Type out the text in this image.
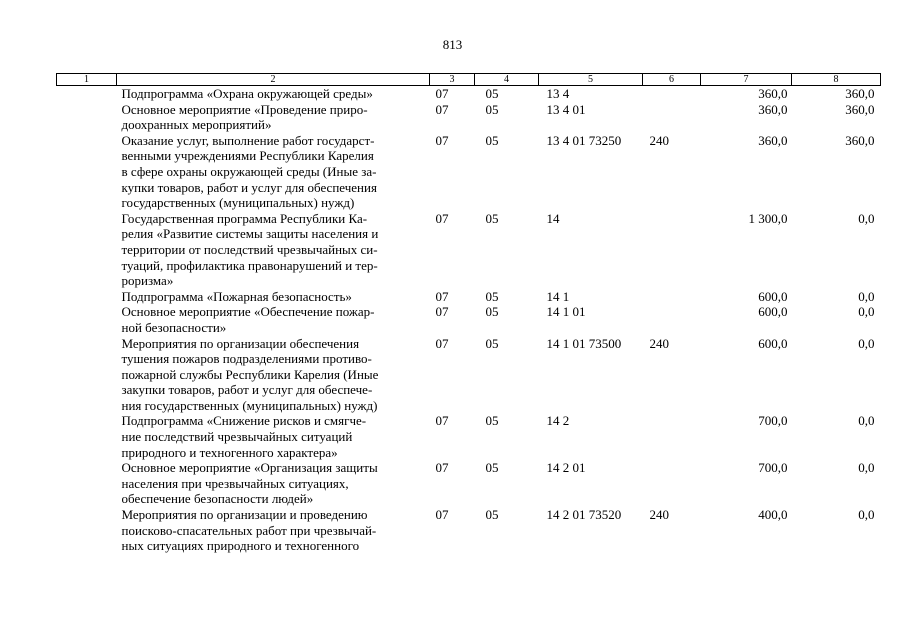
813
1	2	3	4	5	6	7	8

	Подпрограмма «Охрана окружающей среды»	07	05	13 4		360,0	360,0

	Основное мероприятие «Проведение приро-
доохранных мероприятий»	07	05	13 4 01		360,0	360,0

	Оказание услуг, выполнение работ государст-
венными учреждениями Республики Карелия
в сфере охраны окружающей среды (Иные за-
купки товаров, работ и услуг для обеспечения
государственных (муниципальных) нужд)	07	05	13 4 01 73250	240	360,0	360,0

	Государственная программа Республики Ка-
релия «Развитие системы защиты населения и
территории от последствий чрезвычайных си-
туаций, профилактика правонарушений и тер-
роризма»	07	05	14		1 300,0	0,0

	Подпрограмма «Пожарная безопасность»	07	05	14 1		600,0	0,0

	Основное мероприятие «Обеспечение пожар-
ной безопасности»	07	05	14 1 01		600,0	0,0

	Мероприятия по организации обеспечения
тушения пожаров подразделениями противо-
пожарной службы Республики Карелия (Иные
закупки товаров, работ и услуг для обеспече-
ния государственных (муниципальных) нужд)	07	05	14 1 01 73500	240	600,0	0,0

	Подпрограмма «Снижение рисков и смягче-
ние последствий чрезвычайных ситуаций
природного и техногенного характера»	07	05	14 2		700,0	0,0

	Основное мероприятие «Организация защиты
населения при чрезвычайных ситуациях,
обеспечение безопасности людей»	07	05	14 2 01		700,0	0,0

	Мероприятия по организации и проведению
поисково-спасательных работ при чрезвычай-
ных ситуациях природного и техногенного	07	05	14 2 01 73520	240	400,0	0,0
